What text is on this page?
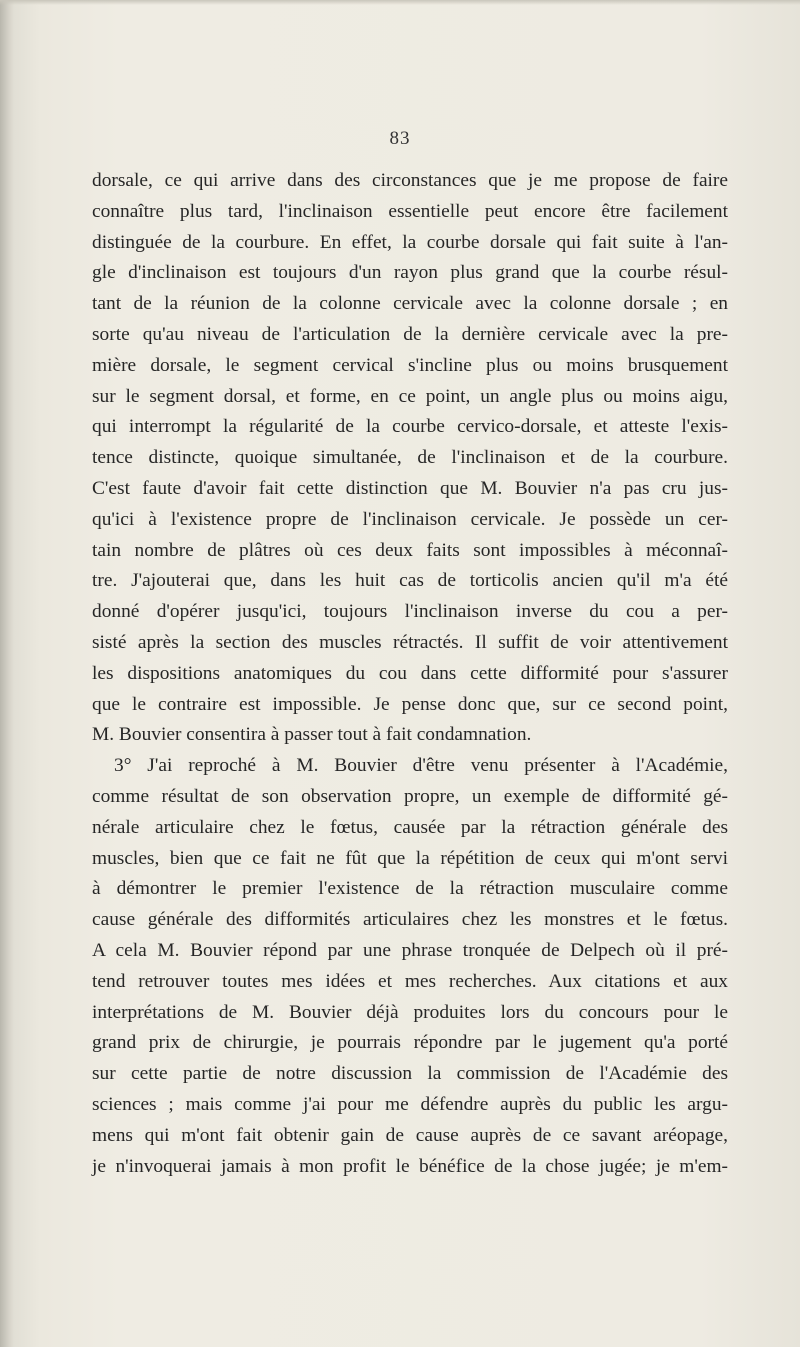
83
dorsale, ce qui arrive dans des circonstances que je me propose de faire
connaître plus tard, l'inclinaison essentielle peut encore être facilement
distinguée de la courbure. En effet, la courbe dorsale qui fait suite à l'an-
gle d'inclinaison est toujours d'un rayon plus grand que la courbe résul-
tant de la réunion de la colonne cervicale avec la colonne dorsale ; en
sorte qu'au niveau de l'articulation de la dernière cervicale avec la pre-
mière dorsale, le segment cervical s'incline plus ou moins brusquement
sur le segment dorsal, et forme, en ce point, un angle plus ou moins aigu,
qui interrompt la régularité de la courbe cervico-dorsale, et atteste l'exis-
tence distincte, quoique simultanée, de l'inclinaison et de la courbure.
C'est faute d'avoir fait cette distinction que M. Bouvier n'a pas cru jus-
qu'ici à l'existence propre de l'inclinaison cervicale. Je possède un cer-
tain nombre de plâtres où ces deux faits sont impossibles à méconnaî-
tre. J'ajouterai que, dans les huit cas de torticolis ancien qu'il m'a été
donné d'opérer jusqu'ici, toujours l'inclinaison inverse du cou a per-
sisté après la section des muscles rétractés. Il suffit de voir attentivement
les dispositions anatomiques du cou dans cette difformité pour s'assurer
que le contraire est impossible. Je pense donc que, sur ce second point,
M. Bouvier consentira à passer tout à fait condamnation.
3° J'ai reproché à M. Bouvier d'être venu présenter à l'Académie,
comme résultat de son observation propre, un exemple de difformité gé-
nérale articulaire chez le fœtus, causée par la rétraction générale des
muscles, bien que ce fait ne fût que la répétition de ceux qui m'ont servi
à démontrer le premier l'existence de la rétraction musculaire comme
cause générale des difformités articulaires chez les monstres et le fœtus.
A cela M. Bouvier répond par une phrase tronquée de Delpech où il pré-
tend retrouver toutes mes idées et mes recherches. Aux citations et aux
interprétations de M. Bouvier déjà produites lors du concours pour le
grand prix de chirurgie, je pourrais répondre par le jugement qu'a porté
sur cette partie de notre discussion la commission de l'Académie des
sciences ; mais comme j'ai pour me défendre auprès du public les argu-
mens qui m'ont fait obtenir gain de cause auprès de ce savant aréopage,
je n'invoquerai jamais à mon profit le bénéfice de la chose jugée; je m'em-
